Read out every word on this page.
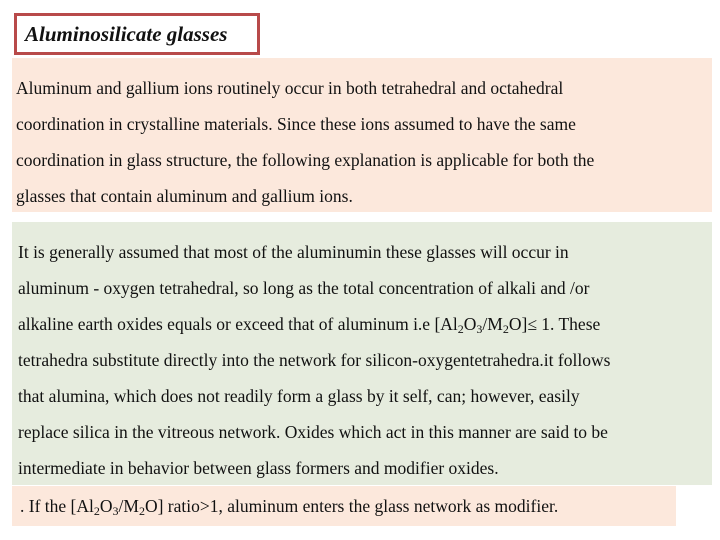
Aluminosilicate glasses
Aluminum and gallium ions routinely occur in both tetrahedral and octahedral
coordination in crystalline materials. Since these ions assumed to have the same
coordination in glass structure, the following explanation is applicable for both the
glasses that contain aluminum and gallium ions.
It is generally assumed that most of the aluminumin these glasses will occur in
aluminum - oxygen tetrahedral, so long as the total concentration of alkali and /or
alkaline earth oxides equals or exceed that of aluminum i.e $[Al_2O_3/M_2O]\le 1$. These
tetrahedra substitute directly into the network for silicon-oxygentetrahedra.it follows
that alumina, which does not readily form a glass by it self, can; however, easily
replace silica in the vitreous network. Oxides which act in this manner are said to be
intermediate in behavior between glass formers and modifier oxides.
. If the $[Al_2O_3/M_2O]$ ratio>1, aluminum enters the glass network as modifier.
